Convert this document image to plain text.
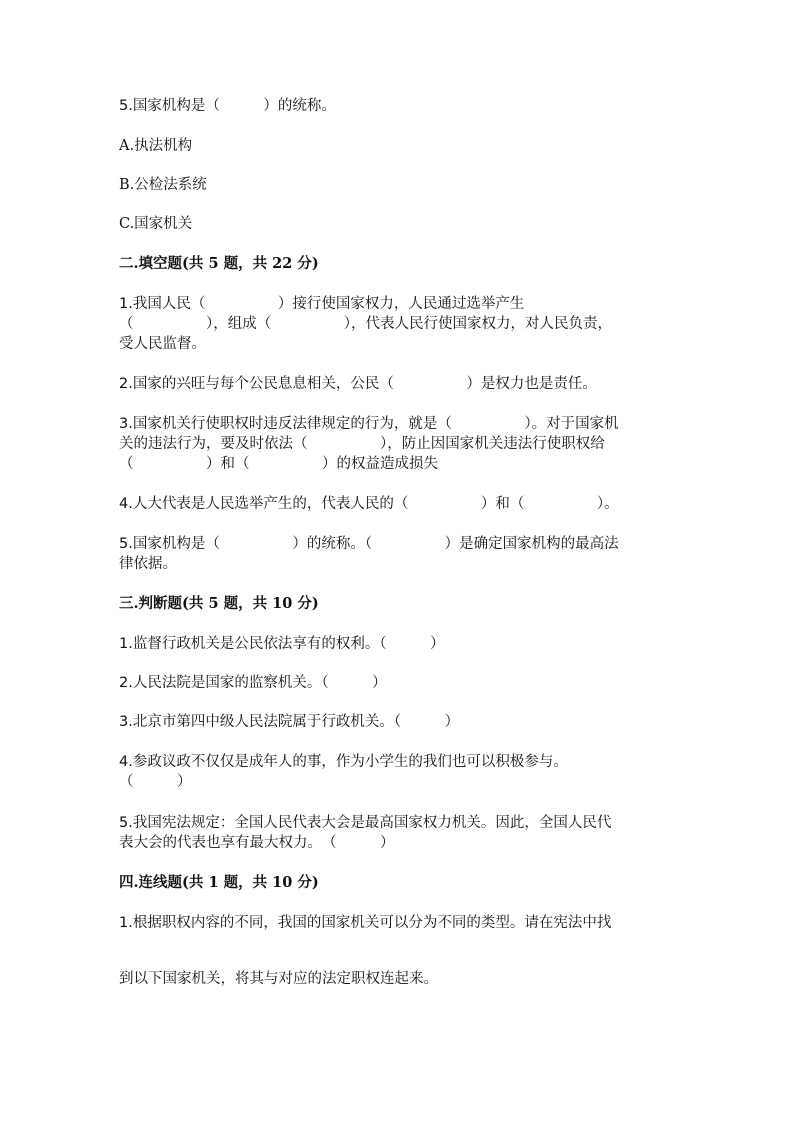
5.国家机构是（　　　）的统称。

A.执法机构

B.公检法系统

C.国家机关

二.填空题(共 5 题，共 22 分)

1.我国人民（　　　　　）接行使国家权力，人民通过选举产生

（　　　　　），组成（　　　　　），代表人民行使国家权力，对人民负责，

受人民监督。

2.国家的兴旺与每个公民息息相关，公民（　　　　　）是权力也是责任。

3.国家机关行使职权时违反法律规定的行为，就是（　　　　　）。对于国家机

关的违法行为，要及时依法（　　　　　），防止因国家机关违法行使职权给

（　　　　　）和（　　　　　）的权益造成损失

4.人大代表是人民选举产生的，代表人民的（　　　　　）和（　　　　　）。

5.国家机构是（　　　　　）的统称。（　　　　　）是确定国家机构的最高法

律依据。

三.判断题(共 5 题，共 10 分)

1.监督行政机关是公民依法享有的权利。（　　　）

2.人民法院是国家的监察机关。（　　　）

3.北京市第四中级人民法院属于行政机关。（　　　）

4.参政议政不仅仅是成年人的事，作为小学生的我们也可以积极参与。

（　　　）

5.我国宪法规定：全国人民代表大会是最高国家权力机关。因此，全国人民代

表大会的代表也享有最大权力。　（　　　）

四.连线题(共 1 题，共 10 分)

1.根据职权内容的不同，我国的国家机关可以分为不同的类型。请在宪法中找

到以下国家机关，将其与对应的法定职权连起来。
